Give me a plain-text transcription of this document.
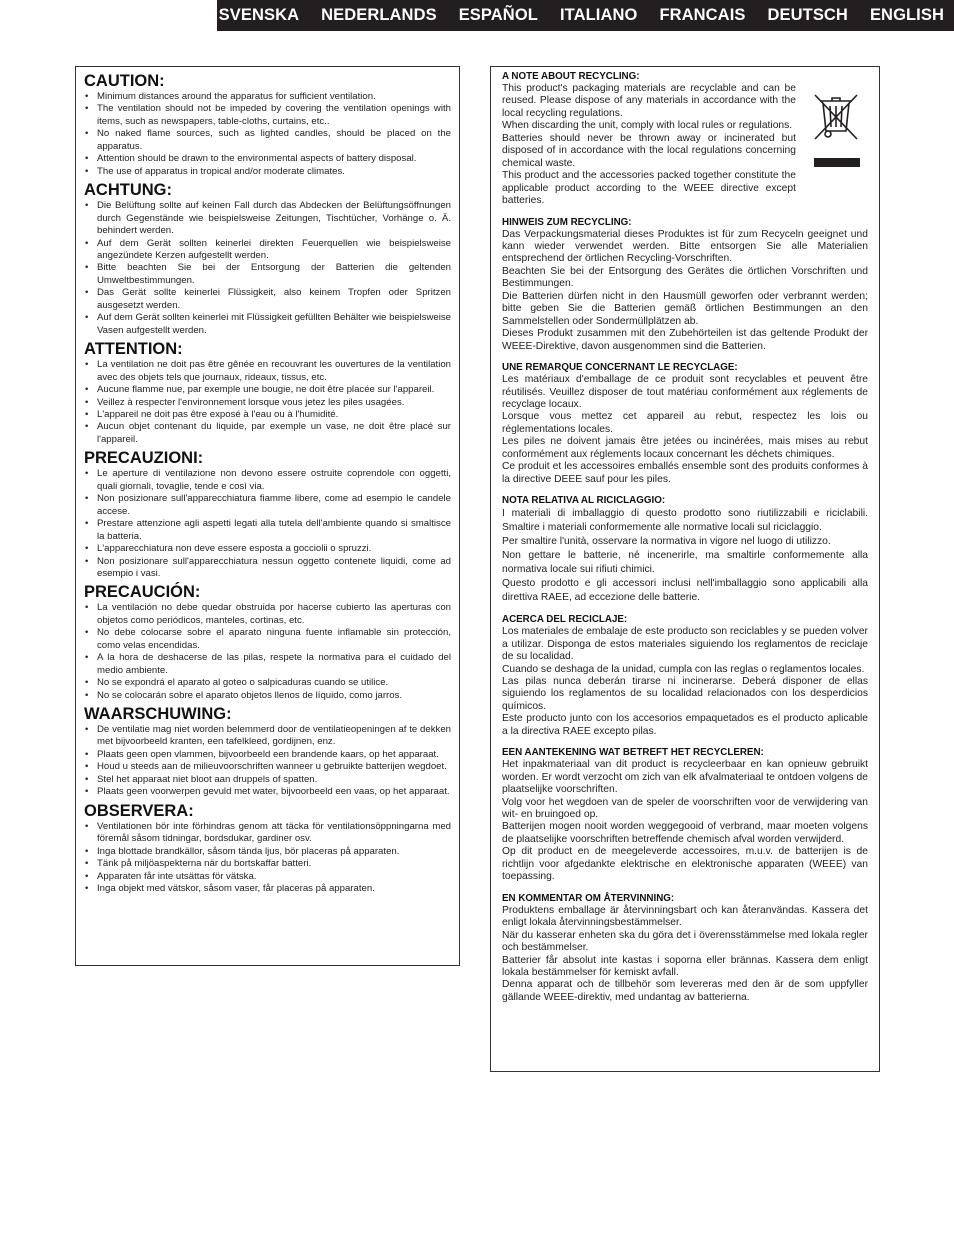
SVENSKA NEDERLANDS ESPAÑOL ITALIANO FRANCAIS DEUTSCH ENGLISH
CAUTION:
• Minimum distances around the apparatus for sufficient ventilation.
• The ventilation should not be impeded by covering the ventilation openings with items, such as newspapers, table-cloths, curtains, etc..
• No naked flame sources, such as lighted candles, should be placed on the apparatus.
• Attention should be drawn to the environmental aspects of battery disposal.
• The use of apparatus in tropical and/or moderate climates.
ACHTUNG:
• Die Belüftung sollte auf keinen Fall durch das Abdecken der Belüftungsöffnungen durch Gegenstände wie beispielsweise Zeitungen, Tischtücher, Vorhänge o. Ä. behindert werden.
• Auf dem Gerät sollten keinerlei direkten Feuerquellen wie beispielsweise angezündete Kerzen aufgestellt werden.
• Bitte beachten Sie bei der Entsorgung der Batterien die geltenden Umweltbestimmungen.
• Das Gerät sollte keinerlei Flüssigkeit, also keinem Tropfen oder Spritzen ausgesetzt werden.
• Auf dem Gerät sollten keinerlei mit Flüssigkeit gefüllten Behälter wie beispielsweise Vasen aufgestellt werden.
ATTENTION:
• La ventilation ne doit pas être gênée en recouvrant les ouvertures de la ventilation avec des objets tels que journaux, rideaux, tissus, etc.
• Aucune flamme nue, par exemple une bougie, ne doit être placée sur l'appareil.
• Veillez à respecter l'environnement lorsque vous jetez les piles usagées.
• L'appareil ne doit pas être exposé à l'eau ou à l'humidité.
• Aucun objet contenant du liquide, par exemple un vase, ne doit être placé sur l'appareil.
PRECAUZIONI:
• Le aperture di ventilazione non devono essere ostruite coprendole con oggetti, quali giornali, tovaglie, tende e così via.
• Non posizionare sull'apparecchiatura fiamme libere, come ad esempio le candele accese.
• Prestare attenzione agli aspetti legati alla tutela dell'ambiente quando si smaltisce la batteria.
• L'apparecchiatura non deve essere esposta a gocciolii o spruzzi.
• Non posizionare sull'apparecchiatura nessun oggetto contenete liquidi, come ad esempio i vasi.
PRECAUCIÓN:
• La ventilación no debe quedar obstruida por hacerse cubierto las aperturas con objetos como periódicos, manteles, cortinas, etc.
• No debe colocarse sobre el aparato ninguna fuente inflamable sin protección, como velas encendidas.
• A la hora de deshacerse de las pilas, respete la normativa para el cuidado del medio ambiente.
• No se expondrá el aparato al goteo o salpicaduras cuando se utilice.
• No se colocarán sobre el aparato objetos llenos de líquido, como jarros.
WAARSCHUWING:
• De ventilatie mag niet worden belemmerd door de ventilatieopeningen af te dekken met bijvoorbeeld kranten, een tafelkleed, gordijnen, enz.
• Plaats geen open vlammen, bijvoorbeeld een brandende kaars, op het apparaat.
• Houd u steeds aan de milieuvoorschriften wanneer u gebruikte batterijen wegdoet.
• Stel het apparaat niet bloot aan druppels of spatten.
• Plaats geen voorwerpen gevuld met water, bijvoorbeeld een vaas, op het apparaat.
OBSERVERA:
• Ventilationen bör inte förhindras genom att täcka för ventilationsöppningarna med föremål såsom tidningar, bordsdukar, gardiner osv.
• Inga blottade brandkällor, såsom tända ljus, bör placeras på apparaten.
• Tänk på miljöaspekterna när du bortskaffar batteri.
• Apparaten får inte utsättas för vätska.
• Inga objekt med vätskor, såsom vaser, får placeras på apparaten.
A NOTE ABOUT RECYCLING:

This product's packaging materials are recyclable and can be reused. Please dispose of any materials in accordance with the local recycling regulations.

When discarding the unit, comply with local rules or regulations.

Batteries should never be thrown away or incinerated but disposed of in accordance with the local regulations concerning chemical waste.

This product and the accessories packed together constitute the applicable product according to the WEEE directive except batteries.

HINWEIS ZUM RECYCLING:

Das Verpackungsmaterial dieses Produktes ist für zum Recyceln geeignet und kann wieder verwendet werden. Bitte entsorgen Sie alle Materialien entsprechend der örtlichen Recycling-Vorschriften.

Beachten Sie bei der Entsorgung des Gerätes die örtlichen Vorschriften und Bestimmungen.

Die Batterien dürfen nicht in den Hausmüll geworfen oder verbrannt werden; bitte geben Sie die Batterien gemäß örtlichen Bestimmungen an den Sammelstellen oder Sondermüllplätzen ab.

Dieses Produkt zusammen mit den Zubehörteilen ist das geltende Produkt der WEEE-Direktive, davon ausgenommen sind die Batterien.

UNE REMARQUE CONCERNANT LE RECYCLAGE:

Les matériaux d'emballage de ce produit sont recyclables et peuvent être réutilisés. Veuillez disposer de tout matériau conformément aux réglements de recyclage locaux.

Lorsque vous mettez cet appareil au rebut, respectez les lois ou réglementations locales.

Les piles ne doivent jamais être jetées ou incinérées, mais mises au rebut conformément aux réglements locaux concernant les déchets chimiques.

Ce produit et les accessoires emballés ensemble sont des produits conformes à la directive DEEE sauf pour les piles.

NOTA RELATIVA AL RICICLAGGIO:

I materiali di imballaggio di questo prodotto sono riutilizzabili e riciclabili. Smaltire i materiali conformemente alle normative locali sul riciclaggio.

Per smaltire l'unità, osservare la normativa in vigore nel luogo di utilizzo.

Non gettare le batterie, né incenerirle, ma smaltirle conformemente alla normativa locale sui rifiuti chimici.

Questo prodotto e gli accessori inclusi nell'imballaggio sono applicabili alla direttiva RAEE, ad eccezione delle batterie.

ACERCA DEL RECICLAJE:

Los materiales de embalaje de este producto son reciclables y se pueden volver a utilizar. Disponga de estos materiales siguiendo los reglamentos de reciclaje de su localidad.

Cuando se deshaga de la unidad, cumpla con las reglas o reglamentos locales.

Las pilas nunca deberán tirarse ni incinerarse. Deberá disponer de ellas siguiendo los reglamentos de su localidad relacionados con los desperdicios químicos.

Este producto junto con los accesorios empaquetados es el producto aplicable a la directiva RAEE excepto pilas.

EEN AANTEKENING WAT BETREFT HET RECYCLEREN:

Het inpakmateriaal van dit product is recycleerbaar en kan opnieuw gebruikt worden. Er wordt verzocht om zich van elk afvalmateriaal te ontdoen volgens de plaatselijke voorschriften.

Volg voor het wegdoen van de speler de voorschriften voor de verwijdering van wit- en bruingoed op.

Batterijen mogen nooit worden weggegooid of verbrand, maar moeten volgens de plaatselijke voorschriften betreffende chemisch afval worden verwijderd.

Op dit product en de meegeleverde accessoires, m.u.v. de batterijen is de richtlijn voor afgedankte elektrische en elektronische apparaten (WEEE) van toepassing.

EN KOMMENTAR OM ÅTERVINNING:

Produktens emballage är återvinningsbart och kan återanvändas. Kassera det enligt lokala återvinningsbestämmelser.

När du kasserar enheten ska du göra det i överensstämmelse med lokala regler och bestämmelser.

Batterier får absolut inte kastas i soporna eller brännas. Kassera dem enligt lokala bestämmelser för kemiskt avfall.

Denna apparat och de tillbehör som levereras med den är de som uppfyller gällande WEEE-direktiv, med undantag av batterierna.
